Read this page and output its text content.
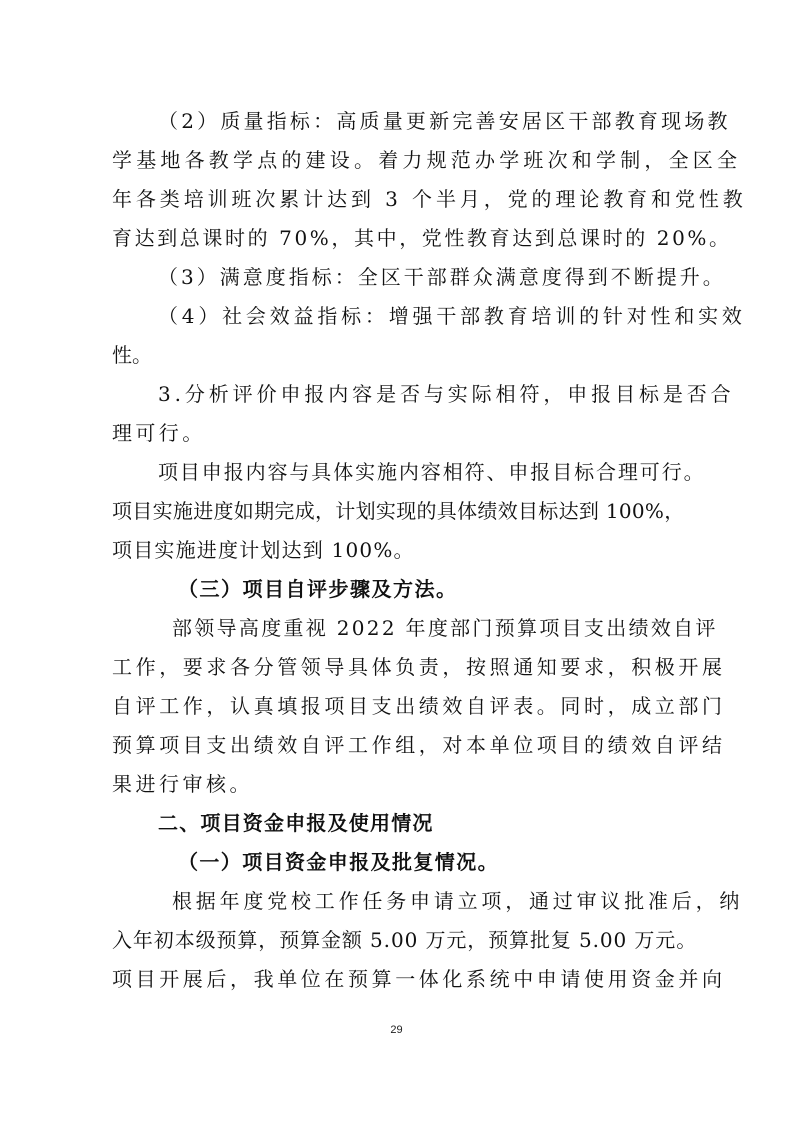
（2）质量指标：高质量更新完善安居区干部教育现场教
学基地各教学点的建设。着力规范办学班次和学制，全区全
年各类培训班次累计达到 3 个半月，党的理论教育和党性教
育达到总课时的 70%，其中，党性教育达到总课时的 20%。
（3）满意度指标：全区干部群众满意度得到不断提升。
（4）社会效益指标：增强干部教育培训的针对性和实效
性。
3.分析评价申报内容是否与实际相符，申报目标是否合
理可行。
项目申报内容与具体实施内容相符、申报目标合理可行。
项目实施进度如期完成，计划实现的具体绩效目标达到 100%，
项目实施进度计划达到 100%。
（三）项目自评步骤及方法。
部领导高度重视 2022 年度部门预算项目支出绩效自评
工作，要求各分管领导具体负责，按照通知要求，积极开展
自评工作，认真填报项目支出绩效自评表。同时，成立部门
预算项目支出绩效自评工作组，对本单位项目的绩效自评结
果进行审核。
二、项目资金申报及使用情况
（一）项目资金申报及批复情况。
根据年度党校工作任务申请立项，通过审议批准后，纳
入年初本级预算，预算金额 5.00 万元，预算批复 5.00 万元。
项目开展后，我单位在预算一体化系统中申请使用资金并向
29
